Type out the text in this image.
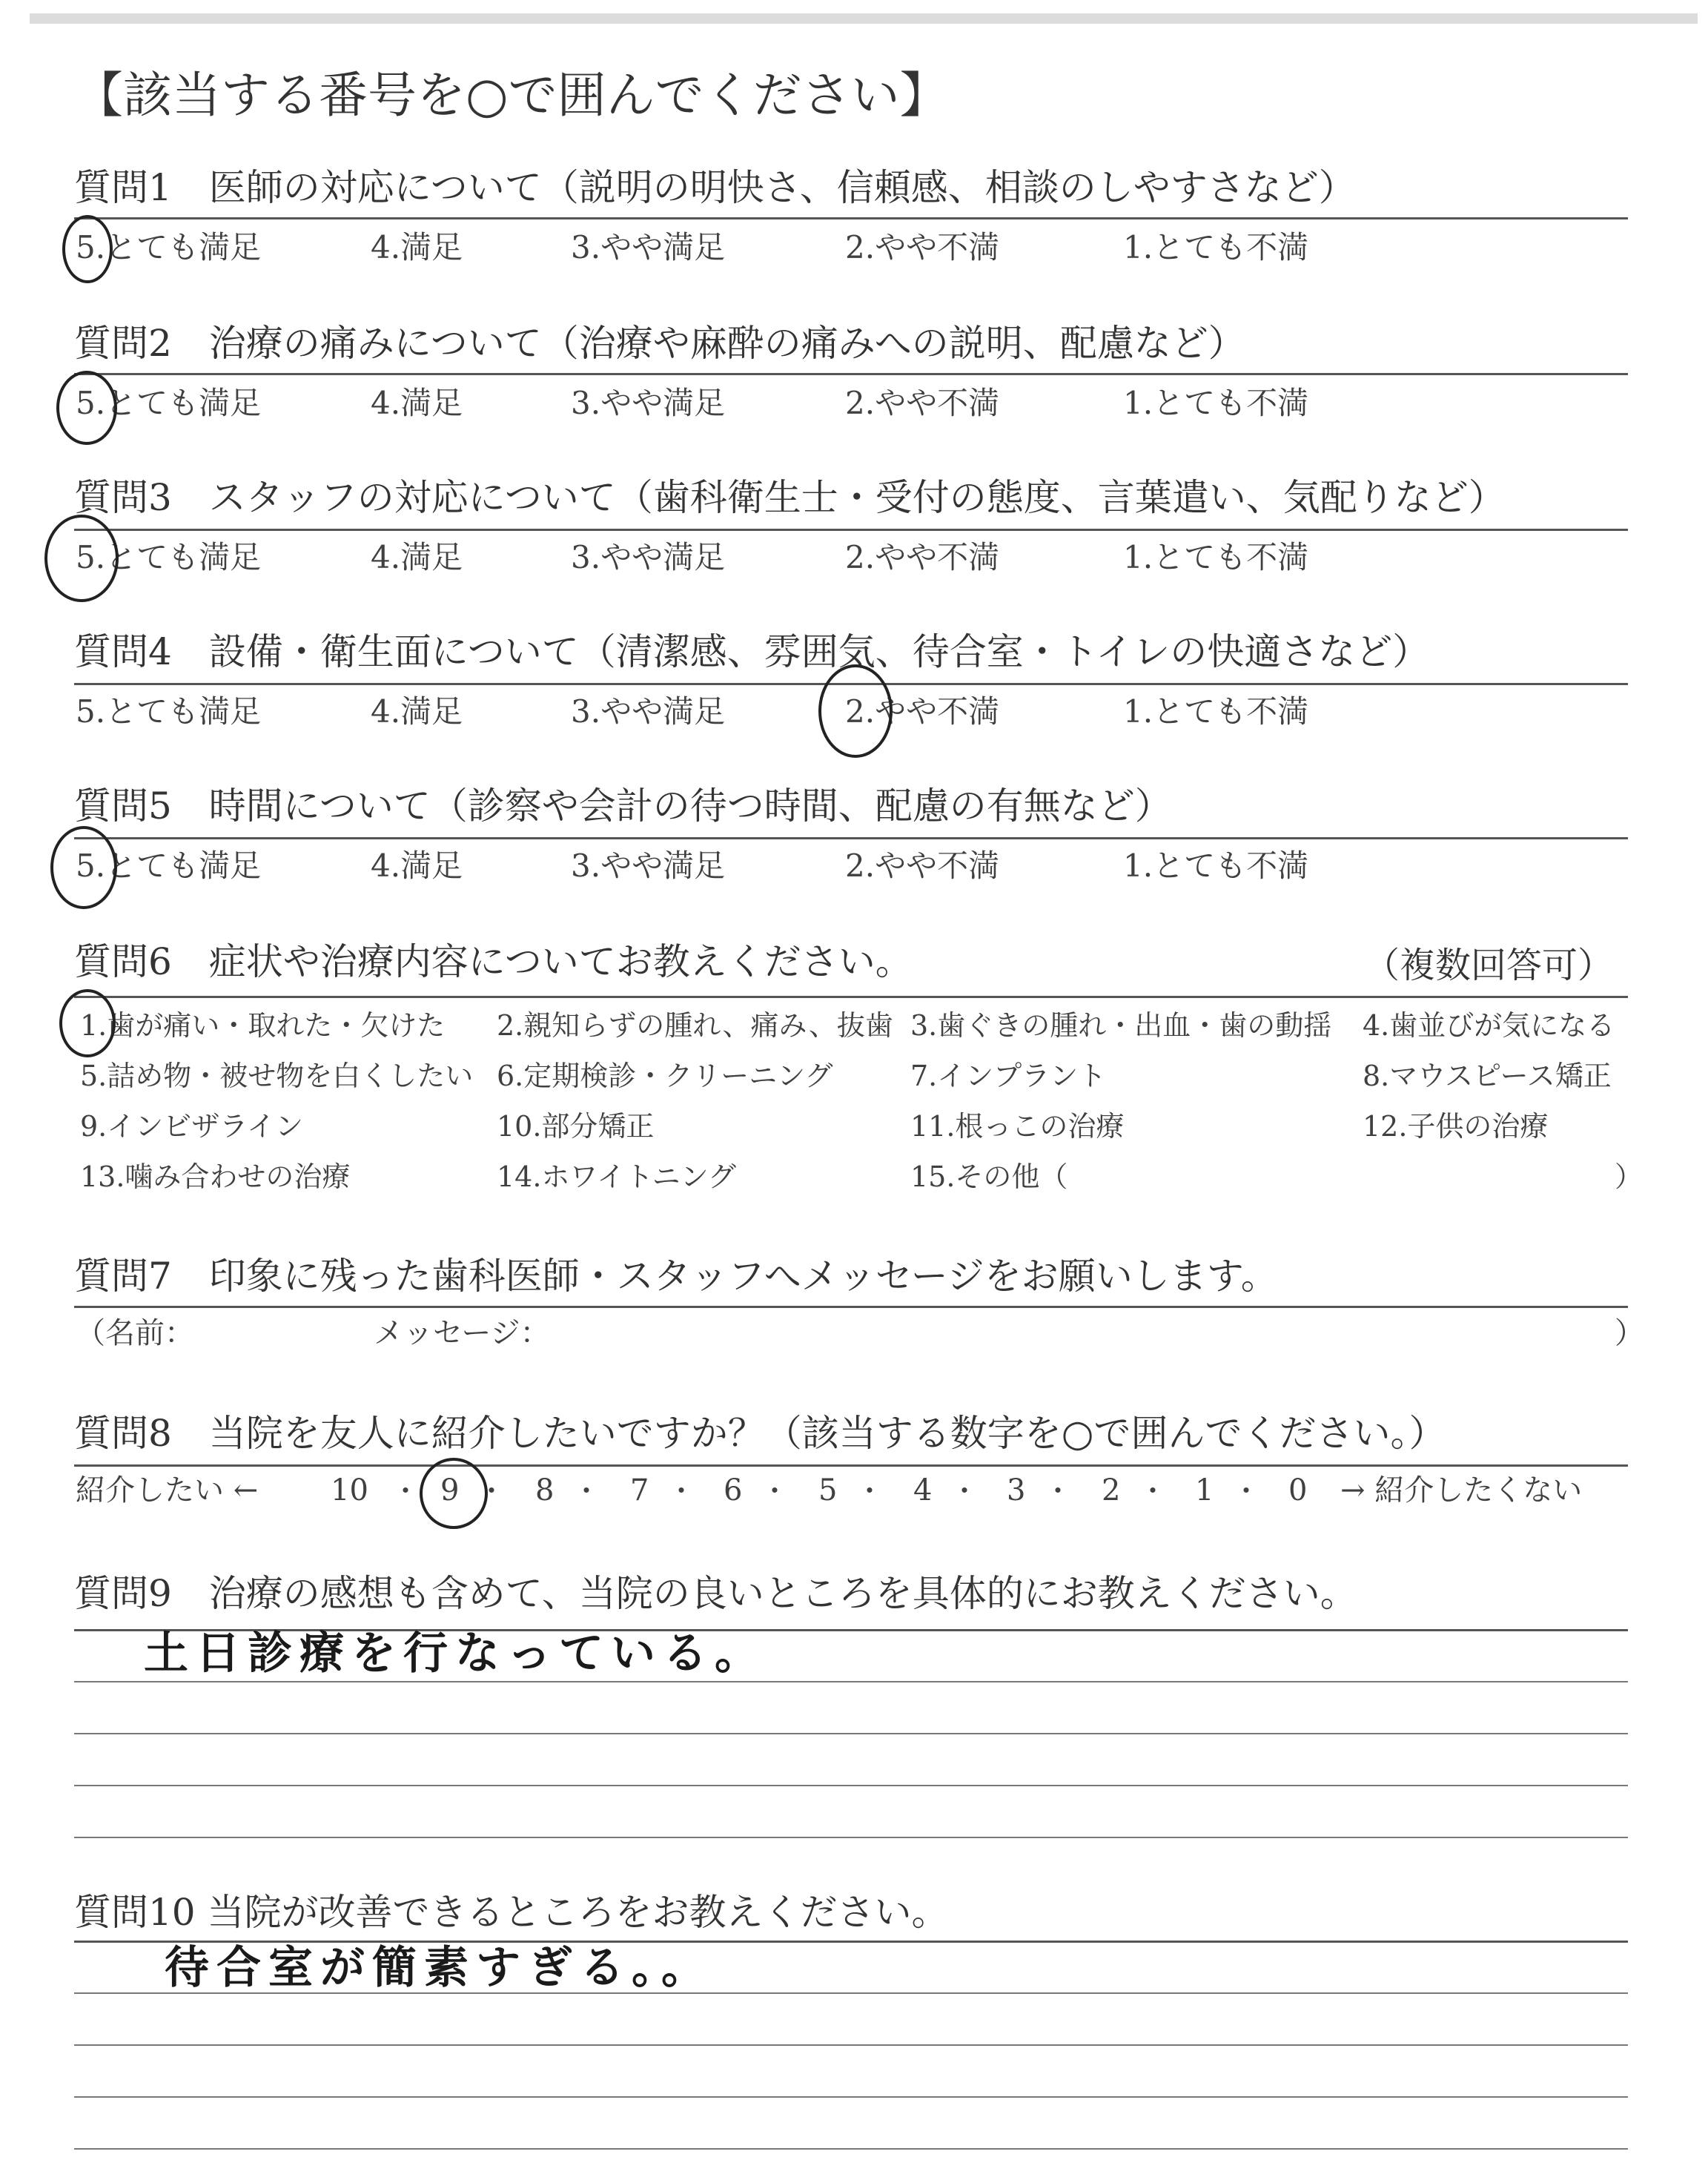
【該当する番号を○で囲んでください】
質問1　医師の対応について（説明の明快さ、信頼感、相談のしやすさなど）
5.とても満足	4.満足	3.やや満足	2.やや不満	1.とても不満
質問2　治療の痛みについて（治療や麻酔の痛みへの説明、配慮など）
5.とても満足	4.満足	3.やや満足	2.やや不満	1.とても不満
質問3　スタッフの対応について（歯科衛生士・受付の態度、言葉遣い、気配りなど）
5.とても満足	4.満足	3.やや満足	2.やや不満	1.とても不満
質問4　設備・衛生面について（清潔感、雰囲気、待合室・トイレの快適さなど）
5.とても満足	4.満足	3.やや満足	2.やや不満	1.とても不満
質問5　時間について（診察や会計の待つ時間、配慮の有無など）
5.とても満足	4.満足	3.やや満足	2.やや不満	1.とても不満
質問6　症状や治療内容についてお教えください。	（複数回答可）
1.歯が痛い・取れた・欠けた 2.親知らずの腫れ、痛み、抜歯 3.歯ぐきの腫れ・出血・歯の動揺 4.歯並びが気になる
5.詰め物・被せ物を白くしたい 6.定期検診・クリーニング	7.インプラント	8.マウスピース矯正
9.インビザライン	10.部分矯正	11.根っこの治療	12.子供の治療
13.噛み合わせの治療	14.ホワイトニング	15.その他（	）
質問7　印象に残った歯科医師・スタッフへメッセージをお願いします。
（名前：	メッセージ：	）
質問8　当院を友人に紹介したいですか？（該当する数字を○で囲んでください。）
紹介したい ← 10 ・ 9 ・ 8 ・ 7 ・ 6 ・ 5 ・ 4 ・ 3 ・ 2 ・ 1 ・ 0 → 紹介したくない
質問9　治療の感想も含めて、当院の良いところを具体的にお教えください。
土日診療を行なっている。
質問10 当院が改善できるところをお教えください。
待合室が簡素すぎる。。
